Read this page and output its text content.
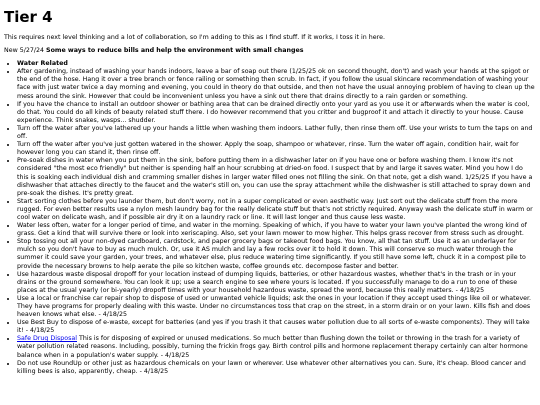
Tier 4

This requires next level thinking and a lot of collaboration, so I'm adding to this as I find stuff. If it works, I toss it in here.

New 5/27/24 Some ways to reduce bills and help the environment with small changes

• Water Related
• After gardening, instead of washing your hands indoors, leave a bar of soap out there (1/25/25 ok on second thought, don't) and wash your hands at the spigot or the end of the hose. Hang it over a tree branch or fence railing or something then scrub. In fact, if you follow the usual skincare recommendation of washing your face with just water twice a day morning and evening, you could in theory do that outside, and then not have the usual annoying problem of having to clean up the mess around the sink. However that could be inconvenient unless you have a sink out there that drains directly to a rain garden or something.
• If you have the chance to install an outdoor shower or bathing area that can be drained directly onto your yard as you use it or afterwards when the water is cool, do that. You could do all kinds of beauty related stuff there. I do however recommend that you critter and bugproof it and attach it directly to your house. Cause experience. Think snakes, wasps... shudder.
• Turn off the water after you've lathered up your hands a little when washing them indoors. Lather fully, then rinse them off. Use your wrists to turn the taps on and off.
• Turn off the water after you've just gotten watered in the shower. Apply the soap, shampoo or whatever, rinse. Turn the water off again, condition hair, wait for however long you can stand it, then rinse off.
• Pre-soak dishes in water when you put them in the sink, before putting them in a dishwasher later on if you have one or before washing them. I know it's not considered "the most eco friendly" but neither is spending half an hour scrubbing at dried-on food. I suspect that by and large it saves water. Mind you how I do this is soaking each individual dish and cramming smaller dishes in larger water filled ones not filling the sink. On that note, get a dish wand. 1/25/25 If you have a dishwasher that attaches directly to the faucet and the water's still on, you can use the spray attachment while the dishwasher is still attached to spray down and pre-soak the dishes. It's pretty great.
• Start sorting clothes before you launder them, but don't worry, not in a super complicated or even aesthetic way. Just sort out the delicate stuff from the more rugged. For even better results use a nylon mesh laundry bag for the really delicate stuff but that's not strictly required. Anyway wash the delicate stuff in warm or cool water on delicate wash, and if possible air dry it on a laundry rack or line. It will last longer and thus cause less waste.
• Water less often, water for a longer period of time, and water in the morning. Speaking of which, if you have to water your lawn you've planted the wrong kind of grass. Get a kind that will survive there or look into xeriscaping. Also, set your lawn mower to mow higher. This helps grass recover from stress such as drought.
• Stop tossing out all your non-dyed cardboard, cardstock, and paper grocery bags or takeout food bags. You know, all that tan stuff. Use it as an underlayer for mulch so you don't have to buy as much mulch. Or, use it AS mulch and lay a few rocks over it to hold it down. This will conserve so much water through the summer it could save your garden, your trees, and whatever else, plus reduce watering time significantly. If you still have some left, chuck it in a compost pile to provide the necessary browns to help aerate the pile so kitchen waste, coffee grounds etc. decompose faster and better.
• Use hazardous waste disposal dropoff for your location instead of dumping liquids, batteries, or other hazardous wastes, whether that's in the trash or in your drains or the ground somewhere. You can look it up; use a search engine to see where yours is located. If you successfully manage to do a run to one of these places at the usual yearly (or bi-yearly) dropoff times with your household hazardous waste, spread the word, because this really matters. - 4/18/25
• Use a local or franchise car repair shop to dispose of used or unwanted vehicle liquids; ask the ones in your location if they accept used things like oil or whatever. They have programs for properly dealing with this waste. Under no circumstances toss that crap on the street, in a storm drain or on your lawn. Kills fish and does heaven knows what else. - 4/18/25
• Use Best Buy to dispose of e-waste, except for batteries (and yes if you trash it that causes water pollution due to all sorts of e-waste components). They will take it! - 4/18/25
• Safe Drug Disposal This is for disposing of expired or unused medications. So much better than flushing down the toilet or throwing in the trash for a variety of water pollution related reasons. Including, possibly, turning the frickin frogs gay. Birth control pills and hormone replacement therapy certainly can alter hormone balance when in a population's water supply. - 4/18/25
• Do not use RoundUp or other just as hazardous chemicals on your lawn or wherever. Use whatever other alternatives you can. Sure, it's cheap. Blood cancer and killing bees is also, apparently, cheap. - 4/18/25
